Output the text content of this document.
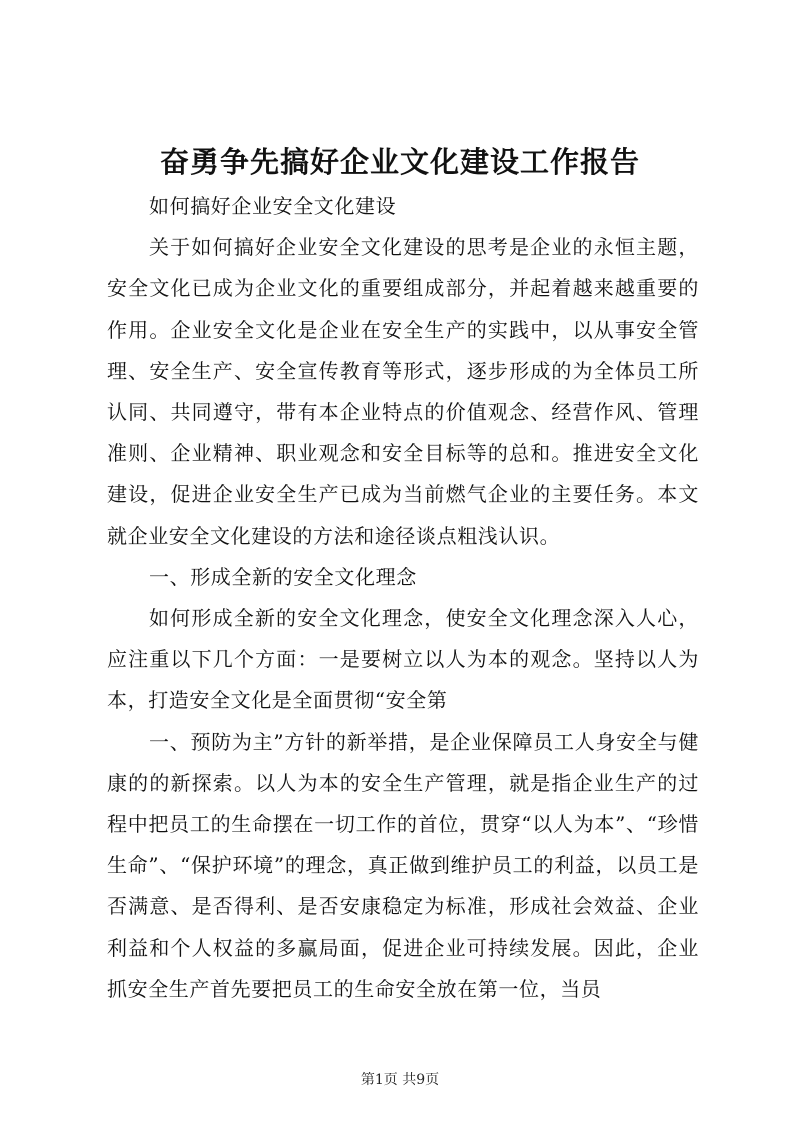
奋勇争先搞好企业文化建设工作报告

如何搞好企业安全文化建设

关于如何搞好企业安全文化建设的思考是企业的永恒主题，安全文化已成为企业文化的重要组成部分，并起着越来越重要的作用。企业安全文化是企业在安全生产的实践中，以从事安全管理、安全生产、安全宣传教育等形式，逐步形成的为全体员工所认同、共同遵守，带有本企业特点的价值观念、经营作风、管理准则、企业精神、职业观念和安全目标等的总和。推进安全文化建设，促进企业安全生产已成为当前燃气企业的主要任务。本文就企业安全文化建设的方法和途径谈点粗浅认识。

一、形成全新的安全文化理念

如何形成全新的安全文化理念，使安全文化理念深入人心，应注重以下几个方面：一是要树立以人为本的观念。坚持以人为本，打造安全文化是全面贯彻“安全第

一、预防为主”方针的新举措，是企业保障员工人身安全与健康的的新探索。以人为本的安全生产管理，就是指企业生产的过程中把员工的生命摆在一切工作的首位，贯穿“以人为本”、“珍惜生命”、“保护环境”的理念，真正做到维护员工的利益，以员工是否满意、是否得利、是否安康稳定为标准，形成社会效益、企业利益和个人权益的多赢局面，促进企业可持续发展。因此，企业抓安全生产首先要把员工的生命安全放在第一位，当员

第1页 共9页
